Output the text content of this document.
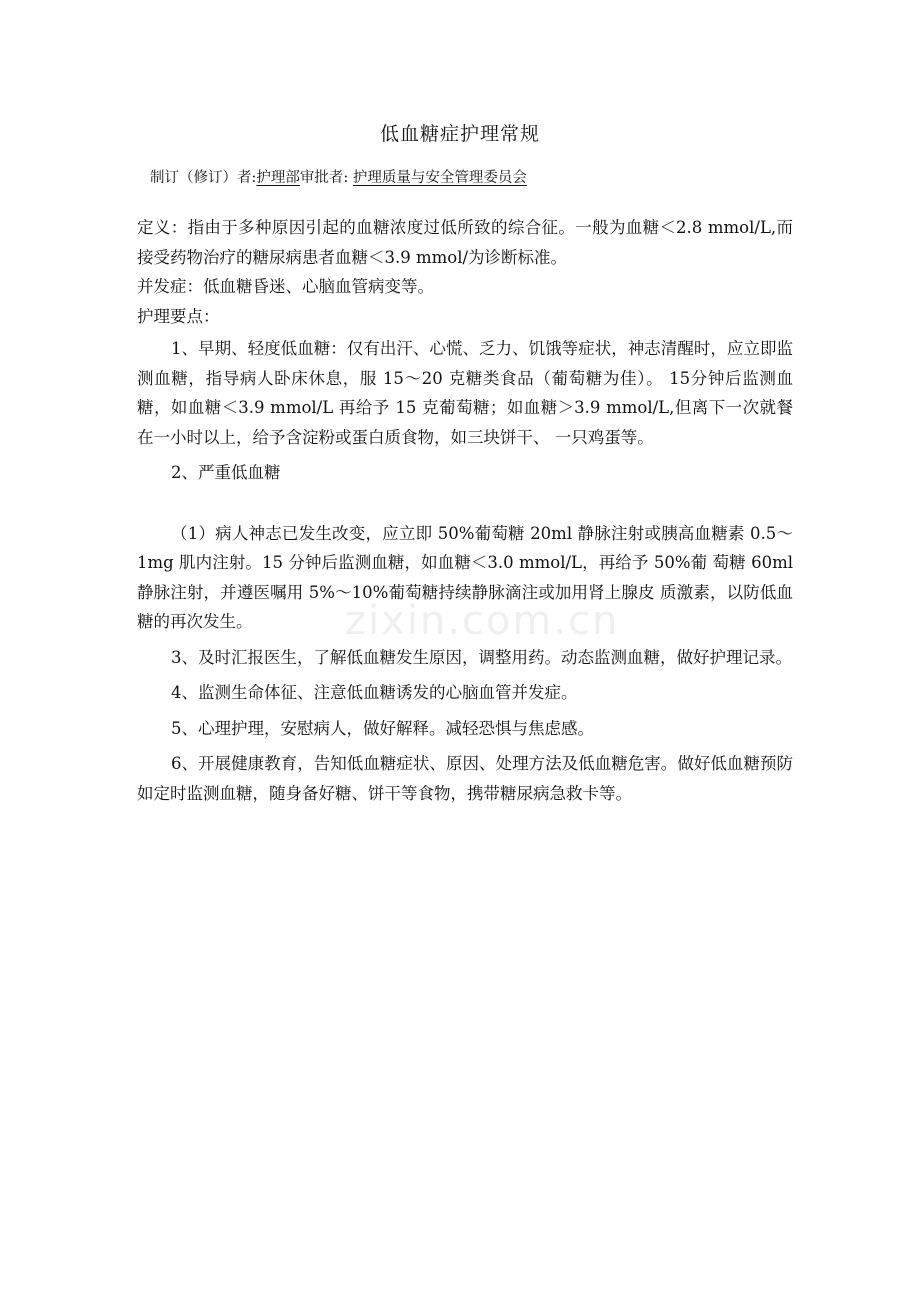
低血糖症护理常规
制订（修订）者:护理部审批者: 护理质量与安全管理委员会

定义：指由于多种原因引起的血糖浓度过低所致的综合征。一般为血糖＜2.8 mmol/L,而接受药物治疗的糖尿病患者血糖＜3.9 mmol/为诊断标准。

并发症：低血糖昏迷、心脑血管病变等。

护理要点：

1、早期、轻度低血糖：仅有出汗、心慌、乏力、饥饿等症状，神志清醒时，应立即监测血糖，指导病人卧床休息，服 15～20 克糖类食品（葡萄糖为佳）。 15分钟后监测血糖，如血糖＜3.9 mmol/L 再给予 15 克葡萄糖；如血糖＞3.9 mmol/L,但离下一次就餐在一小时以上，给予含淀粉或蛋白质食物，如三块饼干、 一只鸡蛋等。

2、严重低血糖

（1）病人神志已发生改变，应立即 50%葡萄糖 20ml 静脉注射或胰高血糖素 0.5～1mg 肌内注射。15 分钟后监测血糖，如血糖＜3.0 mmol/L，再给予 50%葡 萄糖 60ml 静脉注射，并遵医嘱用 5%～10%葡萄糖持续静脉滴注或加用肾上腺皮 质激素，以防低血糖的再次发生。

3、及时汇报医生，了解低血糖发生原因，调整用药。动态监测血糖，做好护理记录。

4、监测生命体征、注意低血糖诱发的心脑血管并发症。

5、心理护理，安慰病人，做好解释。减轻恐惧与焦虑感。

6、开展健康教育，告知低血糖症状、原因、处理方法及低血糖危害。做好低血糖预防如定时监测血糖，随身备好糖、饼干等食物，携带糖尿病急救卡等。

zixin.com.cn
